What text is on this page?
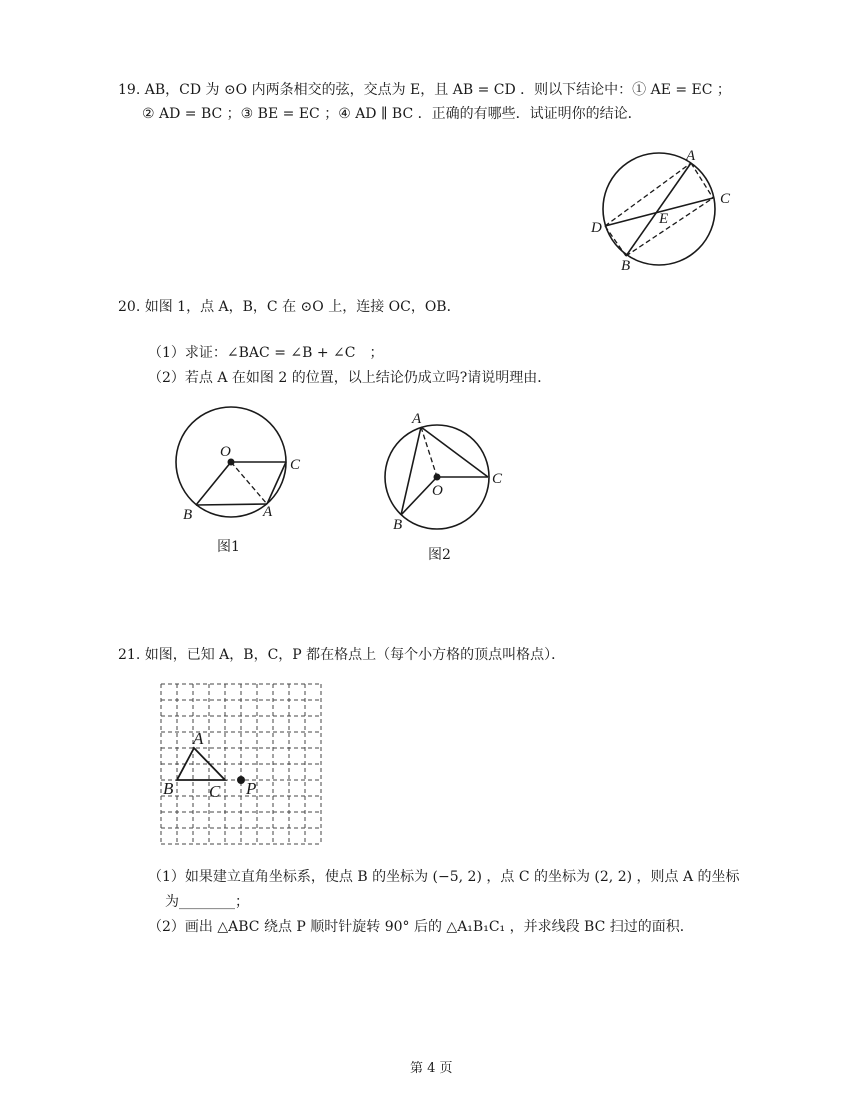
19. AB，CD 为 ⊙O 内两条相交的弦，交点为 E，且 AB = CD ．则以下结论中：① AE = EC ；
② AD = BC ；③ BE = EC ；④ AD ∥ BC ．正确的有哪些．试证明你的结论．
A
C
D
B
E
O
C
B	A
A
O
C
B
A
B C P
20. 如图 1，点 A，B，C 在 ⊙O 上，连接 OC，OB．
（1）求证：∠BAC = ∠B + ∠C　；
（2）若点 A 在如图 2 的位置，以上结论仍成立吗?请说明理由．
图1	图2
21. 如图，已知 A，B，C，P 都在格点上（每个小方格的顶点叫格点）．
（1）如果建立直角坐标系，使点 B 的坐标为 (−5, 2) ，点 C 的坐标为 (2, 2) ，则点 A 的坐标
为________；
（2）画出 △ABC 绕点 P 顺时针旋转 90° 后的 △A₁B₁C₁ ，并求线段 BC 扫过的面积．
第 4 页
